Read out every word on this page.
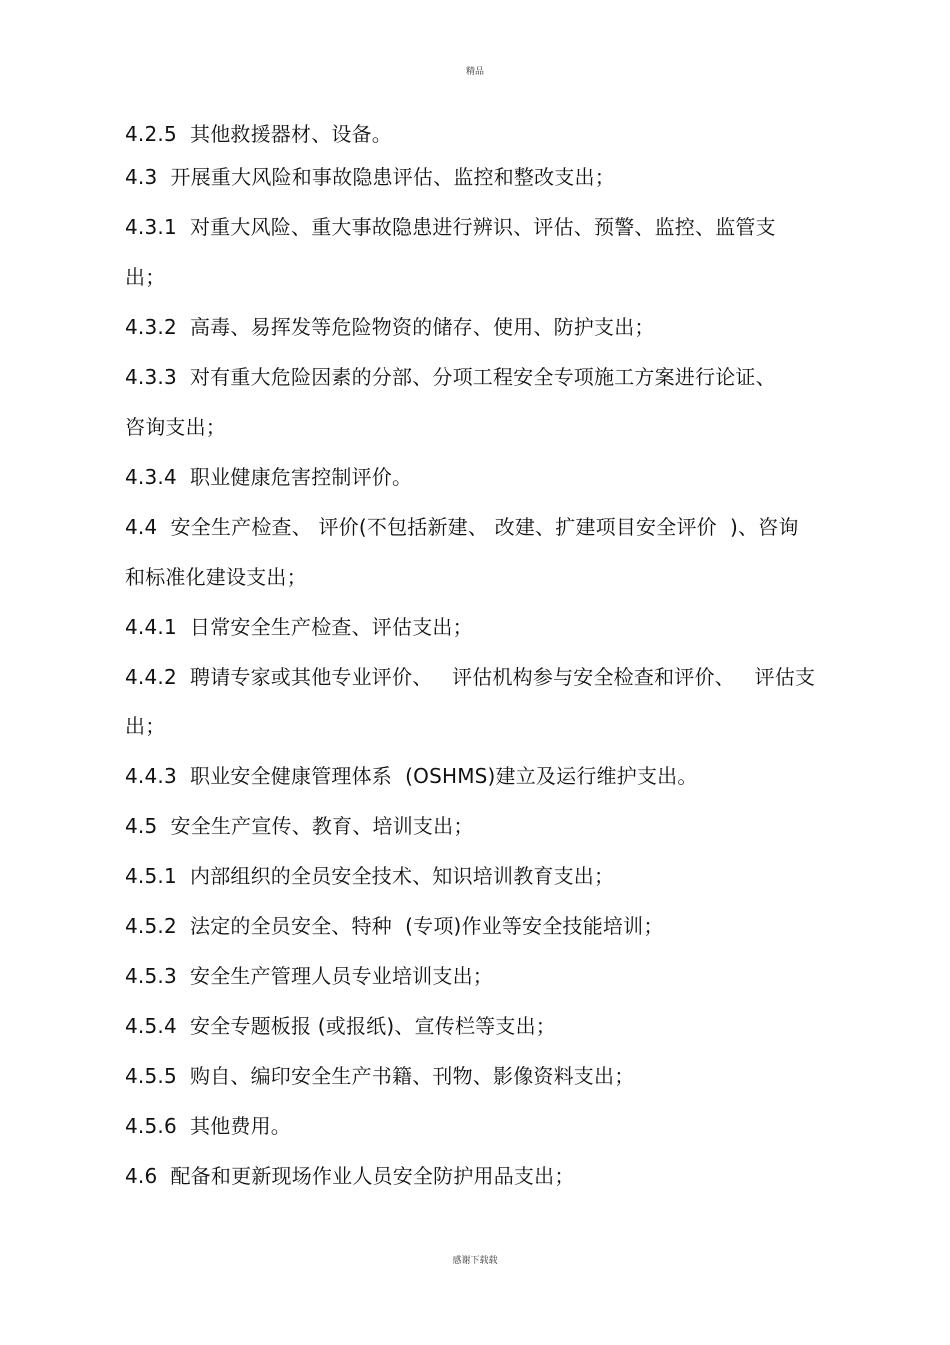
精品
4.2.5  其他救援器材、设备。
4.3  开展重大风险和事故隐患评估、监控和整改支出；
4.3.1  对重大风险、重大事故隐患进行辨识、评估、预警、监控、监管支
出；
4.3.2  高毒、易挥发等危险物资的储存、使用、防护支出；
4.3.3  对有重大危险因素的分部、分项工程安全专项施工方案进行论证、
咨询支出；
4.3.4  职业健康危害控制评价。
4.4  安全生产检查、 评价(不包括新建、 改建、扩建项目安全评价  )、咨询
和标准化建设支出；
4.4.1  日常安全生产检查、评估支出；
4.4.2  聘请专家或其他专业评价、   评估机构参与安全检查和评价、   评估支
出；
4.4.3  职业安全健康管理体系  (OSHMS)建立及运行维护支出。
4.5  安全生产宣传、教育、培训支出；
4.5.1  内部组织的全员安全技术、知识培训教育支出；
4.5.2  法定的全员安全、特种  (专项)作业等安全技能培训；
4.5.3  安全生产管理人员专业培训支出；
4.5.4  安全专题板报 (或报纸)、宣传栏等支出；
4.5.5  购自、编印安全生产书籍、刊物、影像资料支出；
4.5.6  其他费用。
4.6  配备和更新现场作业人员安全防护用品支出；
感谢下载载
